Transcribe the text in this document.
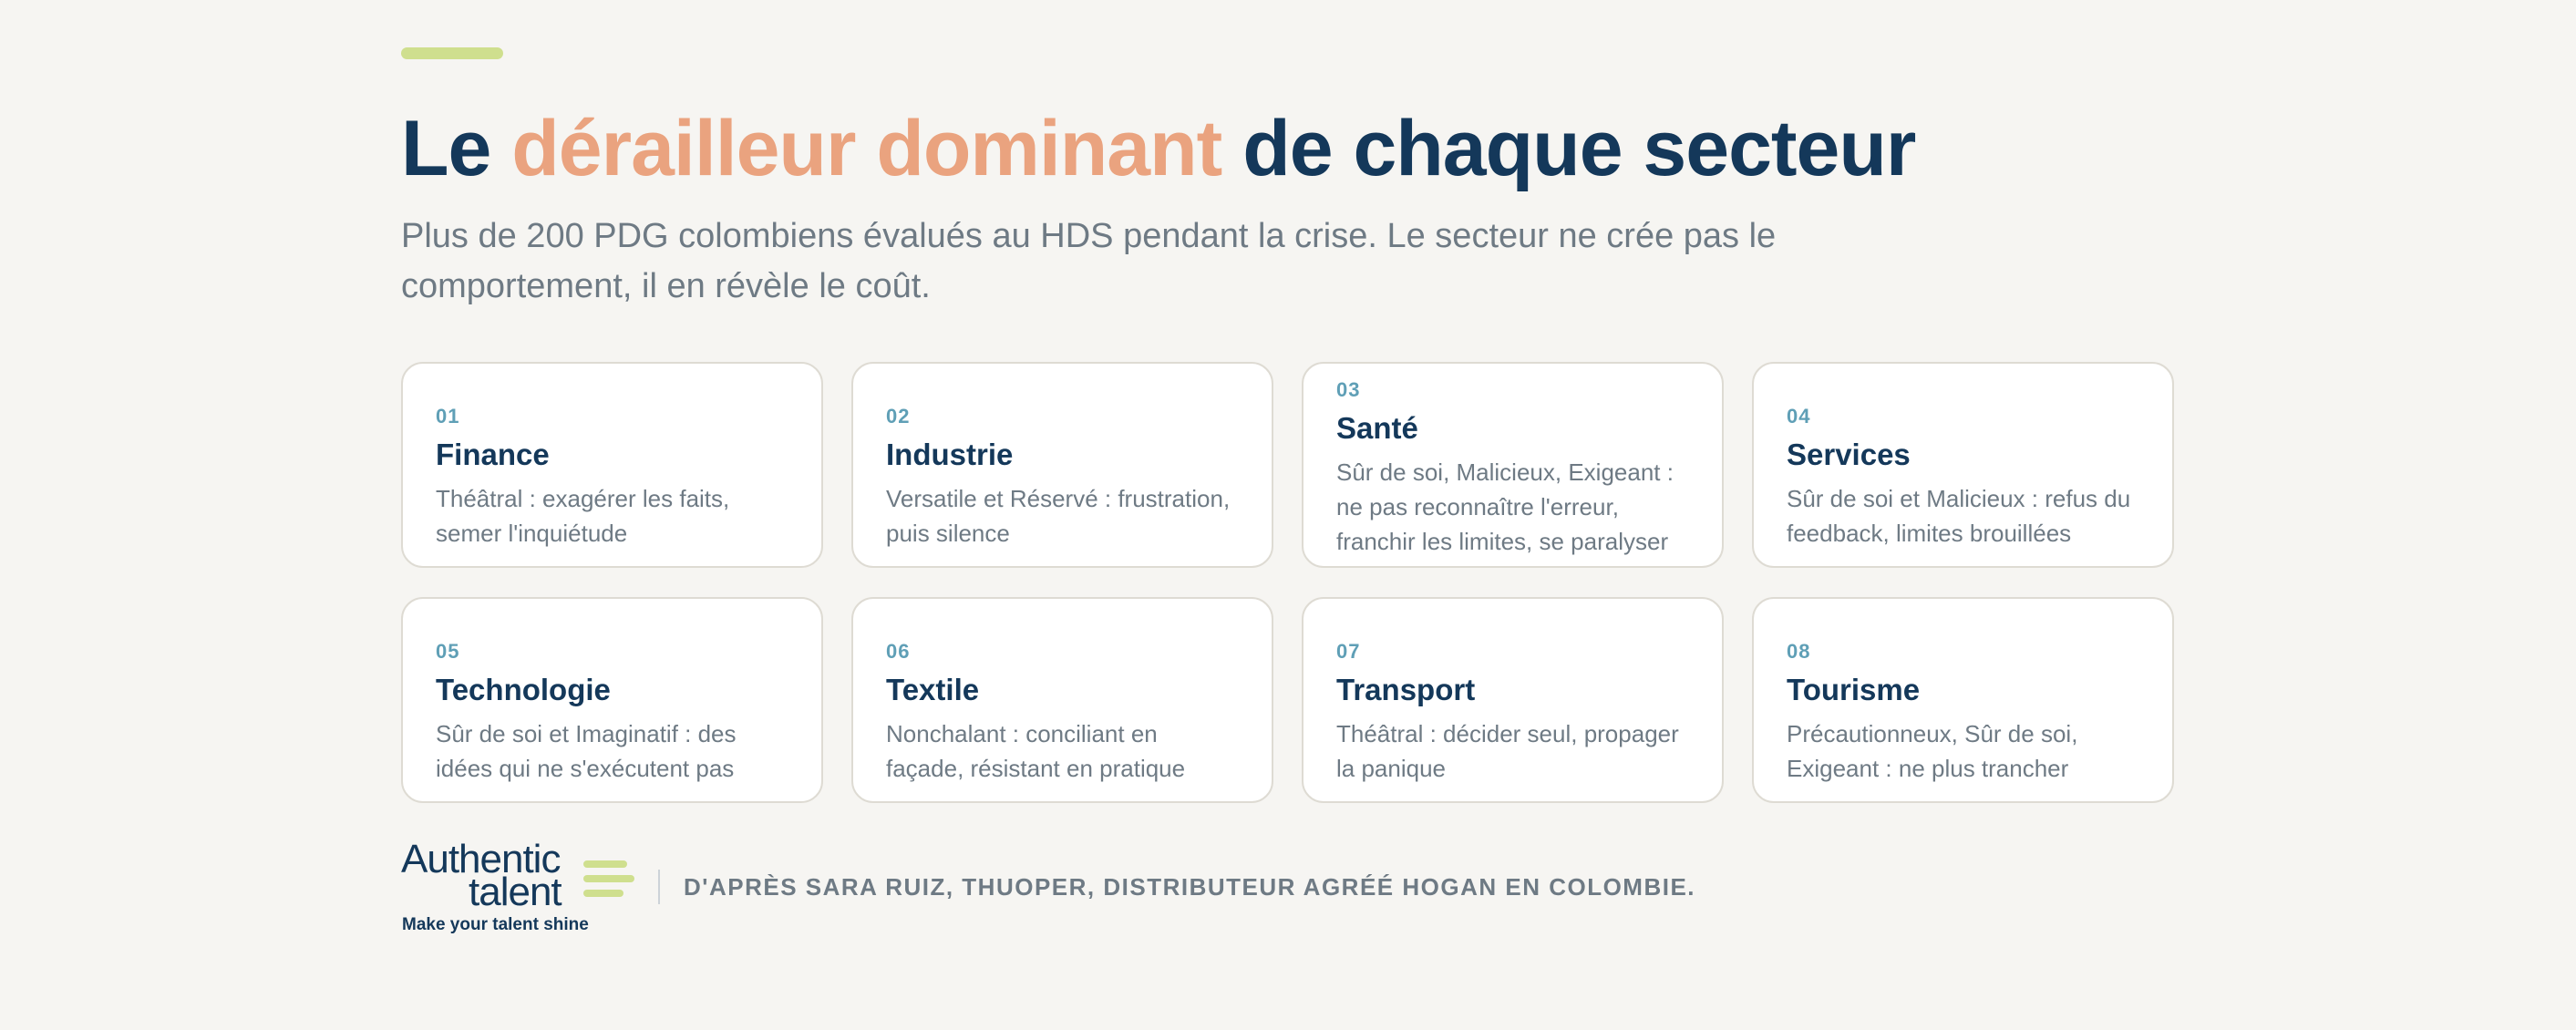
Le dérailleur dominant de chaque secteur

Plus de 200 PDG colombiens évalués au HDS pendant la crise. Le secteur ne crée pas le comportement, il en révèle le coût.

01
Finance
Théâtral : exagérer les faits, semer l'inquiétude
02
Industrie
Versatile et Réservé : frustration, puis silence
03
Santé
Sûr de soi, Malicieux, Exigeant : ne pas reconnaître l'erreur, franchir les limites, se paralyser
04
Services
Sûr de soi et Malicieux : refus du feedback, limites brouillées
05
Technologie
Sûr de soi et Imaginatif : des idées qui ne s'exécutent pas
06
Textile
Nonchalant : conciliant en façade, résistant en pratique
07
Transport
Théâtral : décider seul, propager la panique
08
Tourisme
Précautionneux, Sûr de soi, Exigeant : ne plus trancher
Authentic
talent
Make your talent shine
D'APRÈS SARA RUIZ, THUOPER, DISTRIBUTEUR AGRÉÉ HOGAN EN COLOMBIE.
